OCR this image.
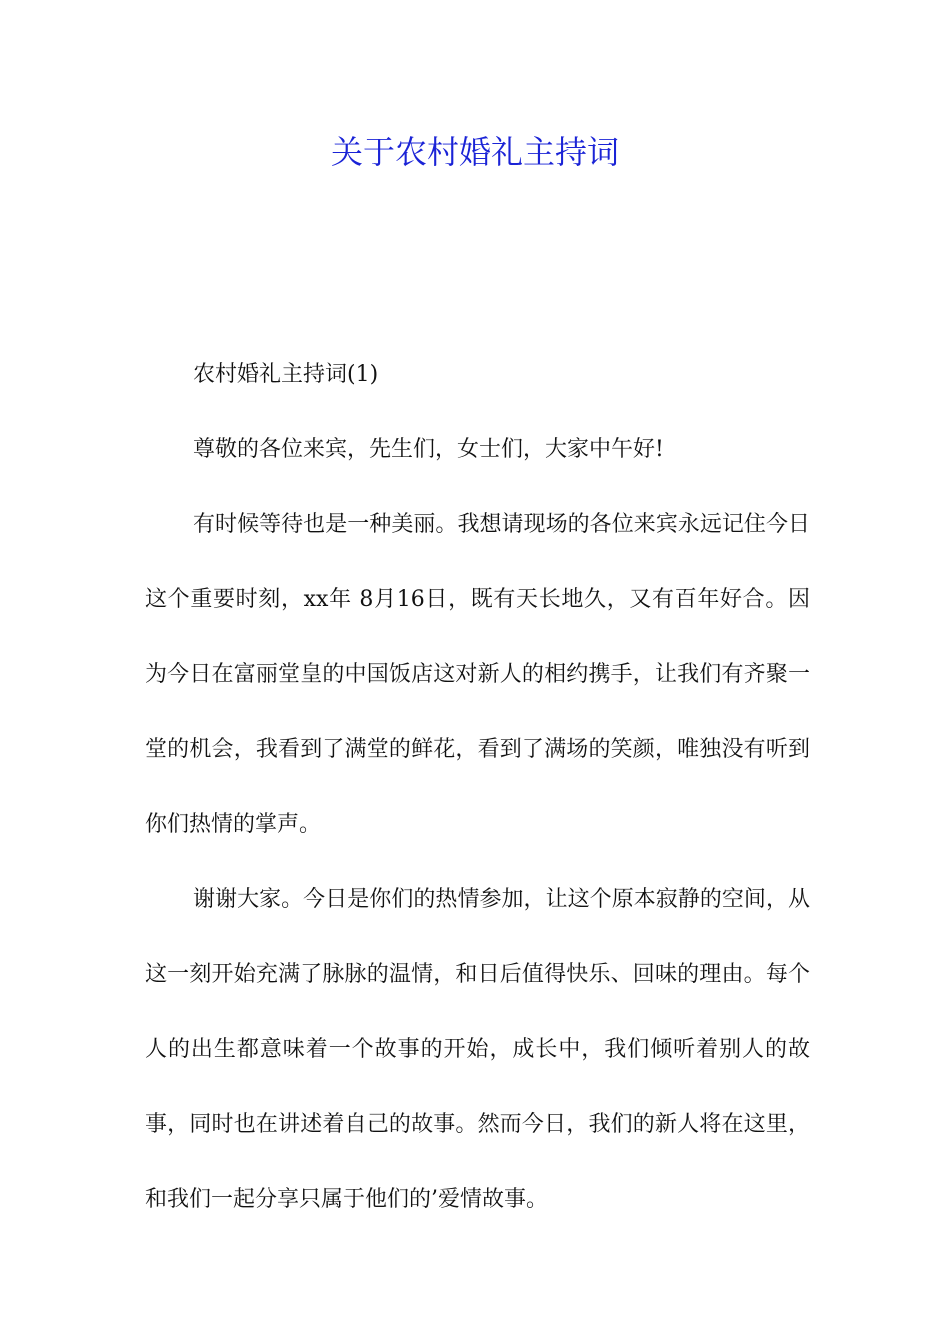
关于农村婚礼主持词

农村婚礼主持词(1)

尊敬的各位来宾，先生们，女士们，大家中午好!

有时候等待也是一种美丽。我想请现场的各位来宾永远记住今日这个重要时刻，xx年 8月16日，既有天长地久，又有百年好合。因为今日在富丽堂皇的中国饭店这对新人的相约携手，让我们有齐聚一堂的机会，我看到了满堂的鲜花，看到了满场的笑颜，唯独没有听到你们热情的掌声。

谢谢大家。今日是你们的热情参加，让这个原本寂静的空间，从这一刻开始充满了脉脉的温情，和日后值得快乐、回味的理由。每个人的出生都意味着一个故事的开始，成长中，我们倾听着别人的故事，同时也在讲述着自己的故事。然而今日，我们的新人将在这里，和我们一起分享只属于他们的’爱情故事。
